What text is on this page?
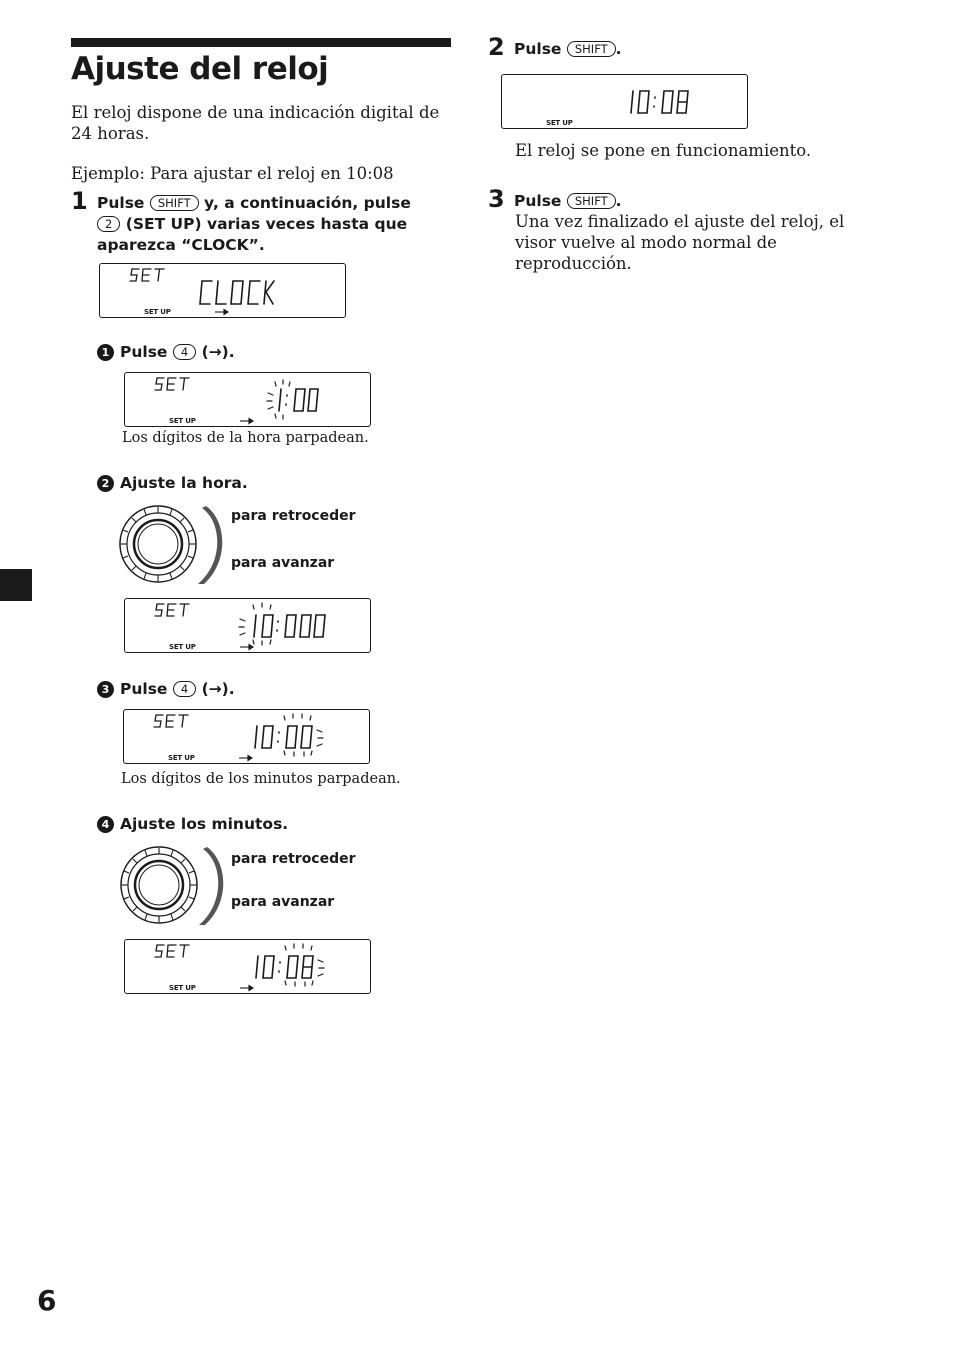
Ajuste del reloj
El reloj dispone de una indicación digital de 24 horas.
Ejemplo: Para ajustar el reloj en 10:08
1 Pulse SHIFT y, a continuación, pulse
2 (SET UP) varias veces hasta que aparezca “CLOCK”.
SET UP
1 Pulse 4 (→).
SET UP
Los dígitos de la hora parpadean.
2 Ajuste la hora.
para retroceder
para avanzar
SET UP
3 Pulse 4 (→).
SET UP
Los dígitos de los minutos parpadean.
4 Ajuste los minutos.
para retroceder
para avanzar
SET UP
2 Pulse SHIFT .
SET UP
El reloj se pone en funcionamiento.
3 Pulse SHIFT .
Una vez finalizado el ajuste del reloj, el visor vuelve al modo normal de reproducción.
6
